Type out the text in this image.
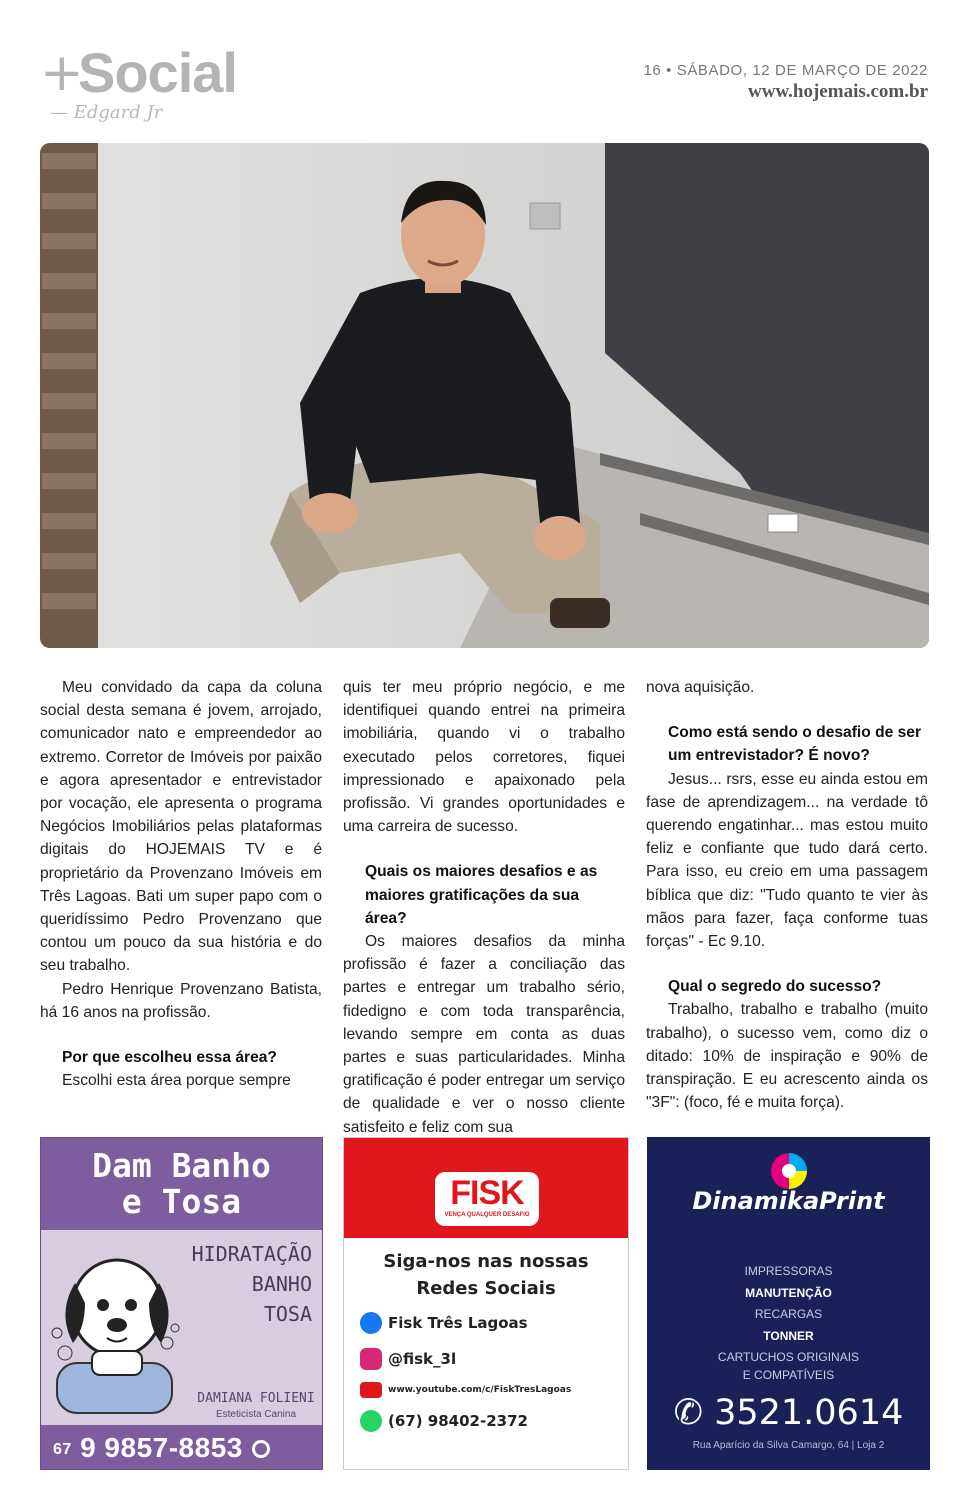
+
Social
— Edgard Jr
16 • SÁBADO, 12 DE MARÇO DE 2022
www.hojemais.com.br

Meu convidado da capa da coluna social desta semana é jovem, arrojado, comunicador nato e empreendedor ao extremo. Corretor de Imóveis por paixão e agora apresentador e entrevistador por vocação, ele apresenta o programa Negócios Imobiliários pelas plataformas digitais do HOJEMAIS TV e é proprietário da Provenzano Imóveis em Três Lagoas. Bati um super papo com o queridíssimo Pedro Provenzano que contou um pouco da sua história e do seu trabalho.

Pedro Henrique Provenzano Batista, há 16 anos na profissão.

Por que escolheu essa área?

Escolhi esta área porque sempre

quis ter meu próprio negócio, e me identifiquei quando entrei na primeira imobiliária, quando vi o trabalho executado pelos corretores, fiquei impressionado e apaixonado pela profissão. Vi grandes oportunidades e uma carreira de sucesso.

Quais os maiores desafios e as maiores gratificações da sua área?

Os maiores desafios da minha profissão é fazer a conciliação das partes e entregar um trabalho sério, fidedigno e com toda transparência, levando sempre em conta as duas partes e suas particularidades. Minha gratificação é poder entregar um serviço de qualidade e ver o nosso cliente satisfeito e feliz com sua

nova aquisição.

Como está sendo o desafio de ser um entrevistador? É novo?

Jesus... rsrs, esse eu ainda estou em fase de aprendizagem... na verdade tô querendo engatinhar... mas estou muito feliz e confiante que tudo dará certo. Para isso, eu creio em uma passagem bíblica que diz: "Tudo quanto te vier às mãos para fazer, faça conforme tuas forças" - Ec 9.10.

Qual o segredo do sucesso?

Trabalho, trabalho e trabalho (muito trabalho), o sucesso vem, como diz o ditado: 10% de inspiração e 90% de transpiração. E eu acrescento ainda os "3F": (foco, fé e muita força).

Dam Banho
e Tosa
HIDRATAÇÃO
BANHO
TOSA
DAMIANA FOLIENI
Esteticista Canina
67 9 9857-8853
FISK
VENÇA QUALQUER DESAFIO
Siga-nos nas nossas
Redes Sociais
Fisk Três Lagoas
@fisk_3l
www.youtube.com/c/FiskTresLagoas
(67) 98402-2372
DinamikaPrint
IMPRESSORAS
MANUTENÇÃO
RECARGAS
TONNER
CARTUCHOS ORIGINAIS
E COMPATÍVEIS
✆ 3521.0614
Rua Aparício da Silva Camargo, 64 | Loja 2
